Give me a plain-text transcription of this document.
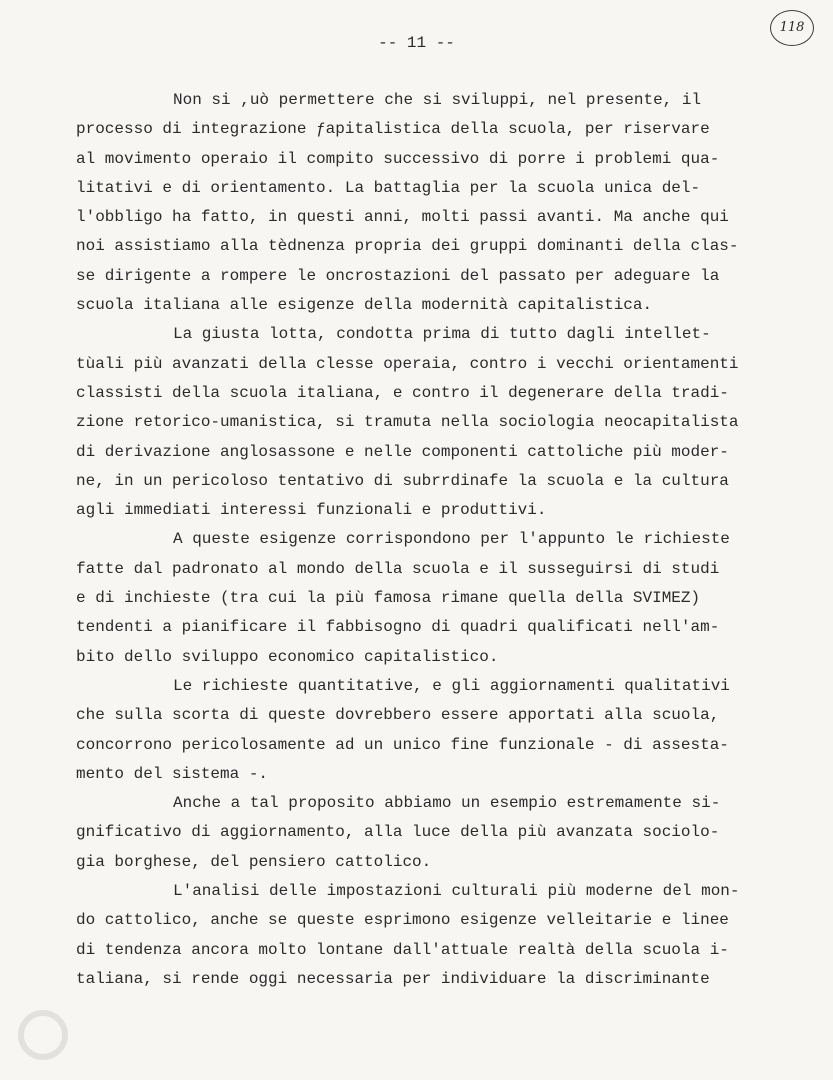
-- 11 --
118
Non si ,uò permettere che si sviluppi, nel presente, il
processo di integrazione ƒapitalistica della scuola, per riservare
al movimento operaio il compito successivo di porre i problemi qua-
litativi e di orientamento. La battaglia per la scuola unica del-
l'obbligo ha fatto, in questi anni, molti passi avanti. Ma anche qui
noi assistiamo alla tèdnenza propria dei gruppi dominanti della clas-
se dirigente a rompere le oncrostazioni del passato per adeguare la
scuola italiana alle esigenze della modernità capitalistica.
La giusta lotta, condotta prima di tutto dagli intellet-
tùali più avanzati della clesse operaia, contro i vecchi orientamenti
classisti della scuola italiana, e contro il degenerare della tradi-
zione retorico-umanistica, si tramuta nella sociologia neocapitalista
di derivazione anglosassone e nelle componenti cattoliche più moder-
ne, in un pericoloso tentativo di subrrdinafe la scuola e la cultura
agli immediati interessi funzionali e produttivi.
A queste esigenze corrispondono per l'appunto le richieste
fatte dal padronato al mondo della scuola e il susseguirsi di studi
e di inchieste (tra cui la più famosa rimane quella della SVIMEZ)
tendenti a pianificare il fabbisogno di quadri qualificati nell'am-
bito dello sviluppo economico capitalistico.
Le richieste quantitative, e gli aggiornamenti qualitativi
che sulla scorta di queste dovrebbero essere apportati alla scuola,
concorrono pericolosamente ad un unico fine funzionale - di assesta-
mento del sistema -.
Anche a tal proposito abbiamo un esempio estremamente si-
gnificativo di aggiornamento, alla luce della più avanzata sociolo-
gia borghese, del pensiero cattolico.
L'analisi delle impostazioni culturali più moderne del mon-
do cattolico, anche se queste esprimono esigenze velleitarie e linee
di tendenza ancora molto lontane dall'attuale realtà della scuola i-
taliana, si rende oggi necessaria per individuare la discriminante
